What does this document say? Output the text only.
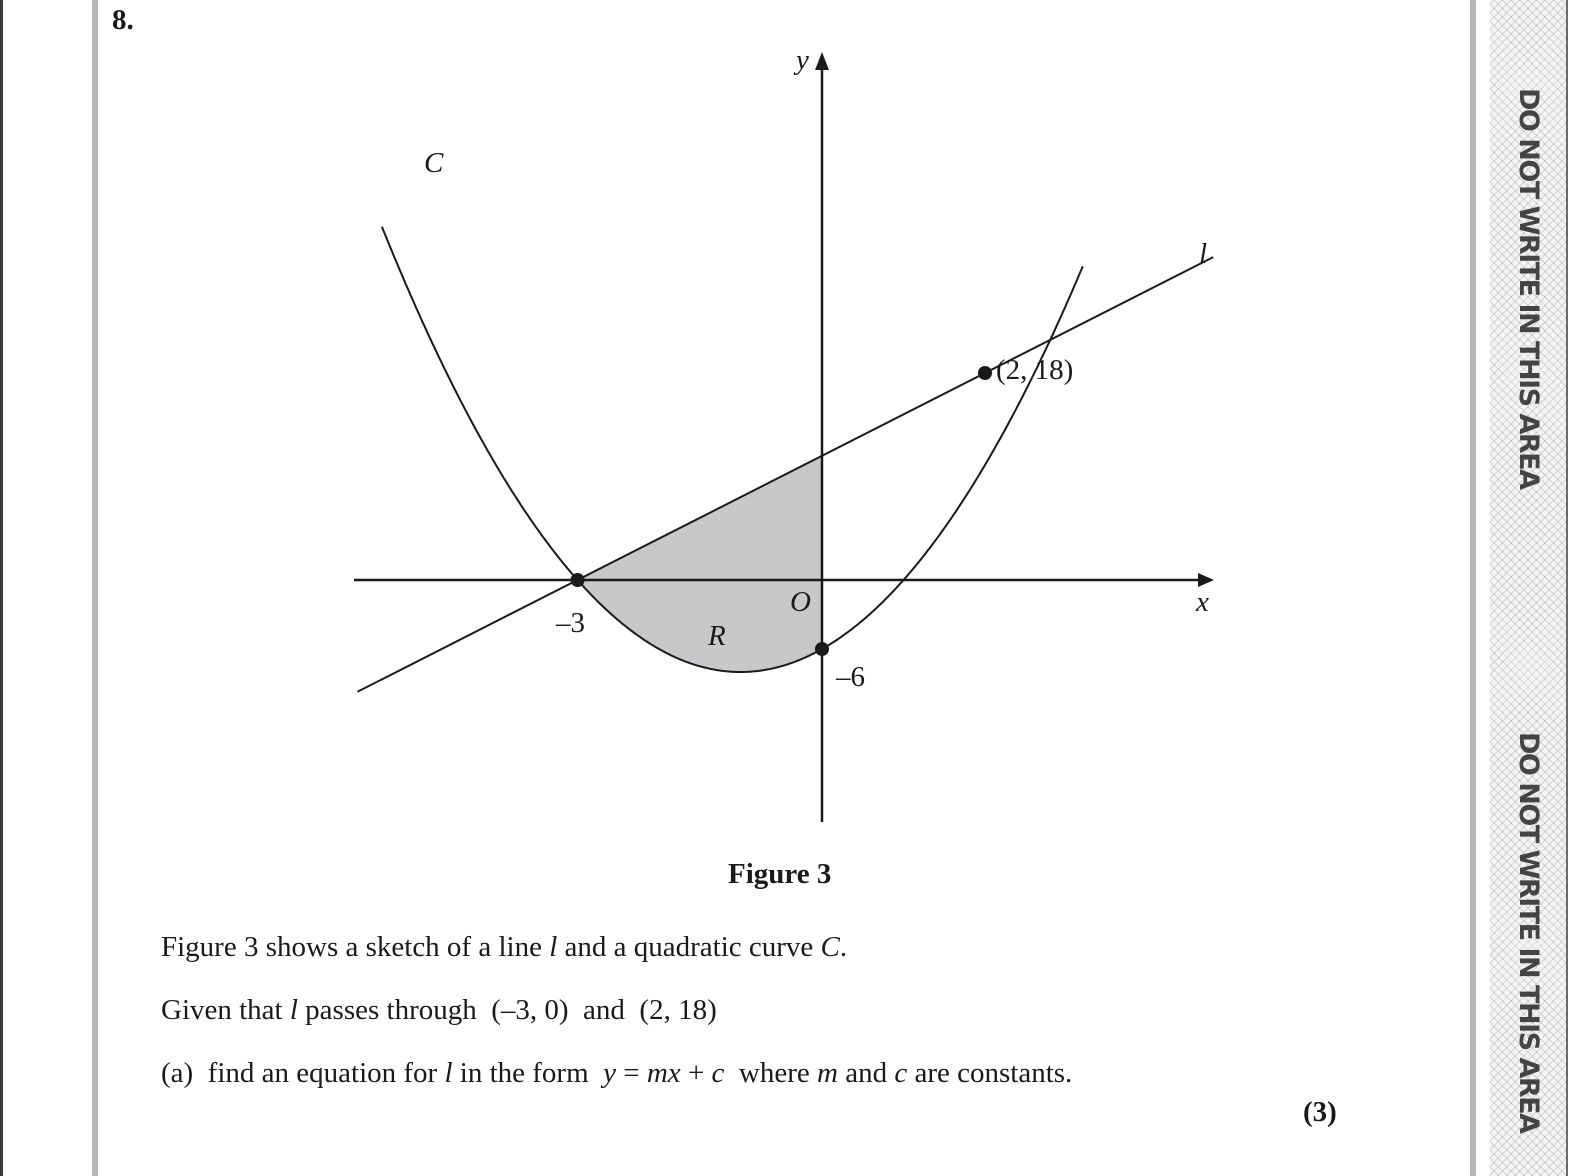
DO NOT WRITE IN THIS AREA
DO NOT WRITE IN THIS AREA
8.
C
l
R
O	x
y
–3
–6
(2, 18)
Figure 3
Figure 3 shows a sketch of a line l and a quadratic curve C.
Given that l passes through  (–3, 0)  and  (2, 18)
(a)  find an equation for l in the form  y = mx + c  where m and c are constants.
(3)
